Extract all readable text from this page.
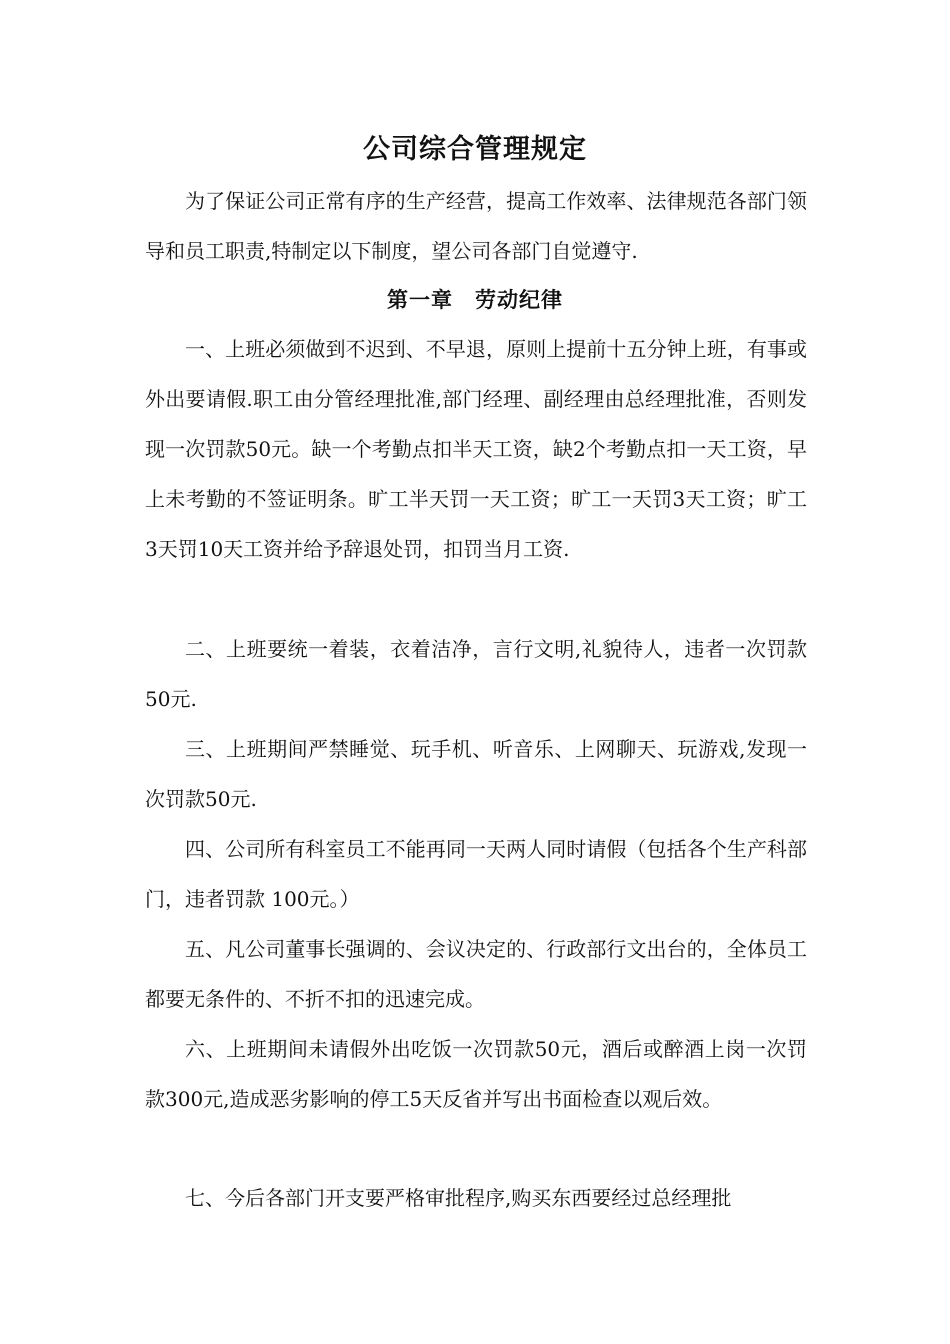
公司综合管理规定

为了保证公司正常有序的生产经营，提高工作效率、法律规范各部门领导和员工职责,特制定以下制度，望公司各部门自觉遵守.

第一章　劳动纪律

一、上班必须做到不迟到、不早退，原则上提前十五分钟上班，有事或外出要请假.职工由分管经理批准,部门经理、副经理由总经理批准，否则发现一次罚款50元。缺一个考勤点扣半天工资，缺2个考勤点扣一天工资，早上未考勤的不签证明条。旷工半天罚一天工资；旷工一天罚3天工资；旷工3天罚10天工资并给予辞退处罚，扣罚当月工资.

二、上班要统一着装，衣着洁净，言行文明,礼貌待人，违者一次罚款50元.

三、上班期间严禁睡觉、玩手机、听音乐、上网聊天、玩游戏,发现一次罚款50元.

四、公司所有科室员工不能再同一天两人同时请假（包括各个生产科部门，违者罚款 100元。）

五、凡公司董事长强调的、会议决定的、行政部行文出台的，全体员工都要无条件的、不折不扣的迅速完成。

六、上班期间未请假外出吃饭一次罚款50元，酒后或醉酒上岗一次罚款300元,造成恶劣影响的停工5天反省并写出书面检查以观后效。

七、今后各部门开支要严格审批程序,购买东西要经过总经理批
